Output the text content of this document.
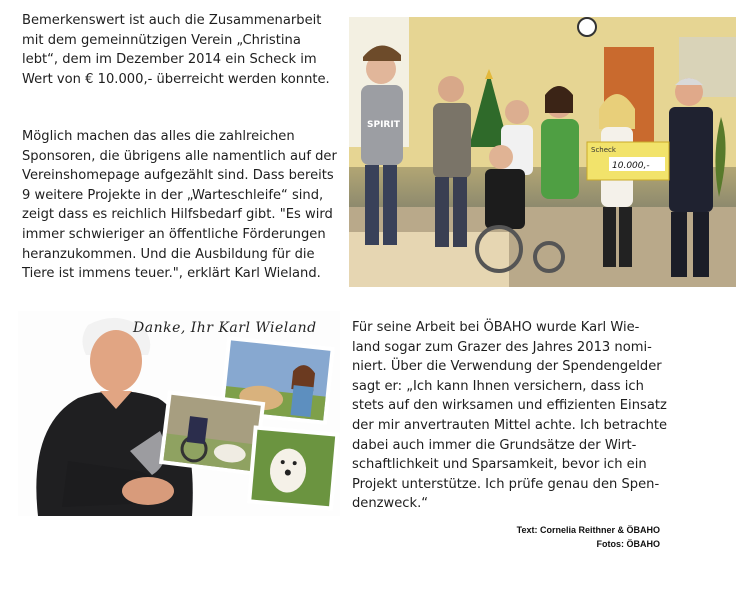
Bemerkenswert ist auch die Zusammenarbeit
mit dem gemeinnützigen Verein „Christina
lebt“, dem im Dezember 2014 ein Scheck im
Wert von € 10.000,- überreicht werden konnte.
Möglich machen das alles die zahlreichen
Sponsoren, die übrigens alle namentlich auf der
Vereinshomepage aufgezählt sind. Dass bereits
9 weitere Projekte in der „Warteschleife“ sind,
zeigt dass es reichlich Hilfsbedarf gibt. "Es wird
immer schwieriger an öffentliche Förderungen
heranzukommen. Und die Ausbildung für die
Tiere ist immens teuer.", erklärt Karl Wieland.
SPIRIT
Scheck
10.000,-
Danke, Ihr Karl Wieland	Für seine Arbeit bei ÖBAHO wurde Karl Wie-
land sogar zum Grazer des Jahres 2013 nomi-
niert. Über die Verwendung der Spendengelder
sagt er: „Ich kann Ihnen versichern, dass ich
stets auf den wirksamen und effizienten Einsatz
der mir anvertrauten Mittel achte. Ich betrachte
dabei auch immer die Grundsätze der Wirt-
schaftlichkeit und Sparsamkeit, bevor ich ein
Projekt unterstütze. Ich prüfe genau den Spen-
denzweck.“
Text: Cornelia Reithner & ÖBAHO
Fotos: ÖBAHO
